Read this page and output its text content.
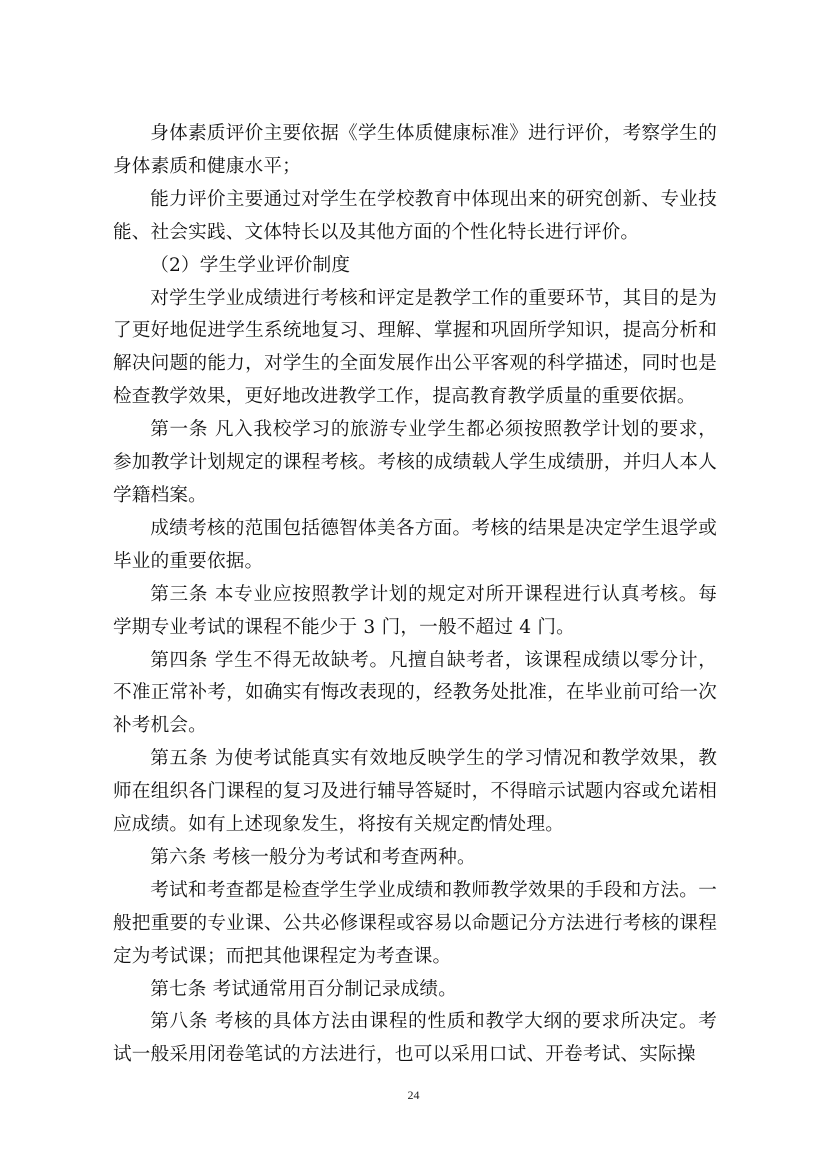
身体素质评价主要依据《学生体质健康标准》进行评价，考察学生的身体素质和健康水平；

能力评价主要通过对学生在学校教育中体现出来的研究创新、专业技能、社会实践、文体特长以及其他方面的个性化特长进行评价。

（2）学生学业评价制度

对学生学业成绩进行考核和评定是教学工作的重要环节，其目的是为了更好地促进学生系统地复习、理解、掌握和巩固所学知识，提高分析和解决问题的能力，对学生的全面发展作出公平客观的科学描述，同时也是检查教学效果，更好地改进教学工作，提高教育教学质量的重要依据。

第一条 凡入我校学习的旅游专业学生都必须按照教学计划的要求，参加教学计划规定的课程考核。考核的成绩载人学生成绩册，并归人本人学籍档案。

成绩考核的范围包括德智体美各方面。考核的结果是决定学生退学或毕业的重要依据。

第三条 本专业应按照教学计划的规定对所开课程进行认真考核。每学期专业考试的课程不能少于 3 门，一般不超过 4 门。

第四条 学生不得无故缺考。凡擅自缺考者，该课程成绩以零分计，不准正常补考，如确实有悔改表现的，经教务处批准，在毕业前可给一次补考机会。

第五条 为使考试能真实有效地反映学生的学习情况和教学效果，教师在组织各门课程的复习及进行辅导答疑时，不得暗示试题内容或允诺相应成绩。如有上述现象发生，将按有关规定酌情处理。

第六条 考核一般分为考试和考查两种。

考试和考查都是检查学生学业成绩和教师教学效果的手段和方法。一般把重要的专业课、公共必修课程或容易以命题记分方法进行考核的课程定为考试课；而把其他课程定为考查课。

第七条 考试通常用百分制记录成绩。

第八条 考核的具体方法由课程的性质和教学大纲的要求所决定。考试一般采用闭卷笔试的方法进行，也可以采用口试、开卷考试、实际操

24
